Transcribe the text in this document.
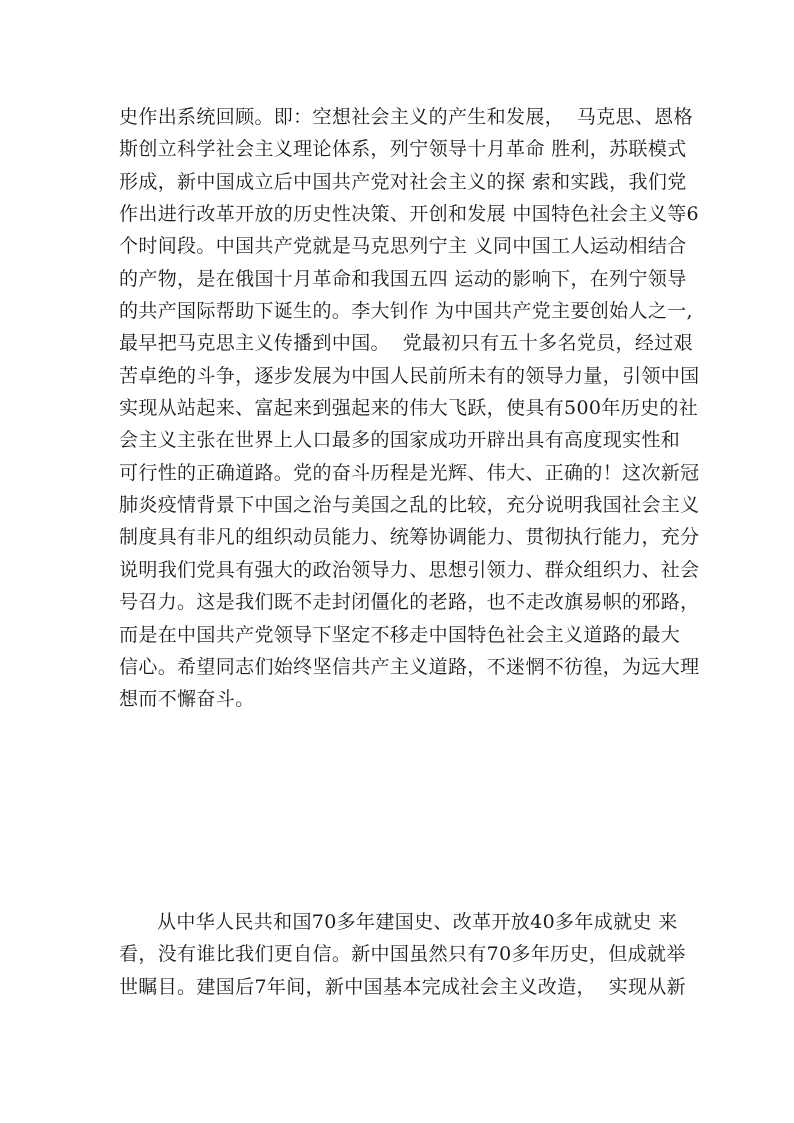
史作出系统回顾。即：空想社会主义的产生和发展，  马克思、恩格
斯创立科学社会主义理论体系，列宁领导十月革命 胜利，苏联模式
形成，新中国成立后中国共产党对社会主义的探 索和实践，我们党
作出进行改革开放的历史性决策、开创和发展 中国特色社会主义等6
个时间段。中国共产党就是马克思列宁主 义同中国工人运动相结合
的产物，是在俄国十月革命和我国五四 运动的影响下，在列宁领导
的共产国际帮助下诞生的。李大钊作 为中国共产党主要创始人之一,
最早把马克思主义传播到中国。  党最初只有五十多名党员，经过艰
苦卓绝的斗争，逐步发展为中国人民前所未有的领导力量，引领中国
实现从站起来、富起来到强起来的伟大飞跃，使具有500年历史的社
会主义主张在世界上人口最多的国家成功开辟出具有高度现实性和
可行性的正确道路。党的奋斗历程是光辉、伟大、正确的！这次新冠
肺炎疫情背景下中国之治与美国之乱的比较，充分说明我国社会主义
制度具有非凡的组织动员能力、统筹协调能力、贯彻执行能力，充分
说明我们党具有强大的政治领导力、思想引领力、群众组织力、社会
号召力。这是我们既不走封闭僵化的老路，也不走改旗易帜的邪路，
而是在中国共产党领导下坚定不移走中国特色社会主义道路的最大
信心。希望同志们始终坚信共产主义道路，不迷惘不彷徨，为远大理
想而不懈奋斗。
从中华人民共和国70多年建国史、改革开放40多年成就史 来
看，没有谁比我们更自信。新中国虽然只有70多年历史，但成就举
世瞩目。建国后7年间，新中国基本完成社会主义改造，  实现从新
